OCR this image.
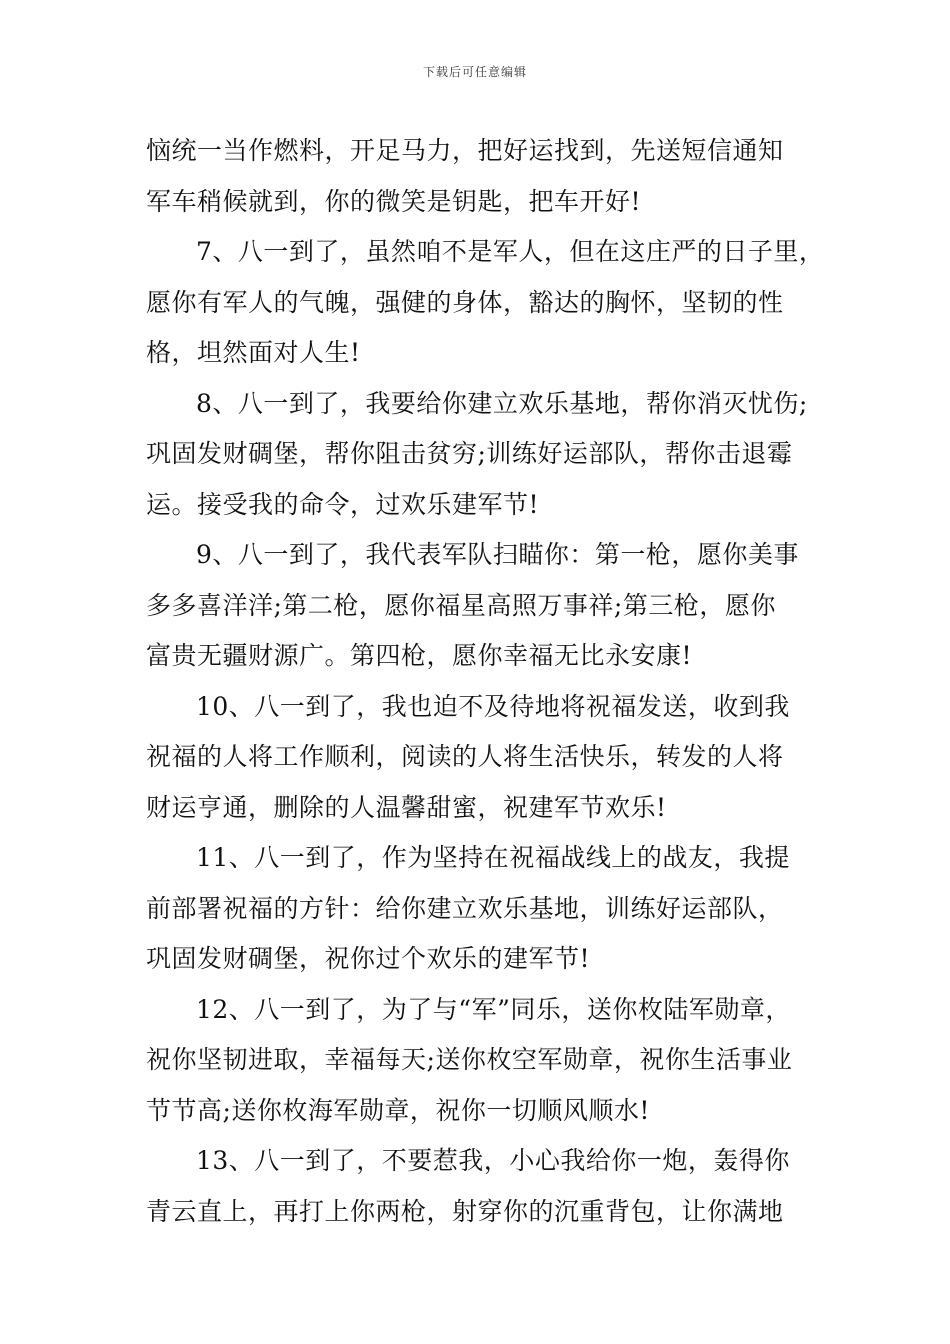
下载后可任意编辑

恼统一当作燃料，开足马力，把好运找到，先送短信通知
军车稍候就到，你的微笑是钥匙，把车开好!

7、八一到了，虽然咱不是军人，但在这庄严的日子里，
愿你有军人的气魄，强健的身体，豁达的胸怀，坚韧的性
格，坦然面对人生!

8、八一到了，我要给你建立欢乐基地，帮你消灭忧伤;
巩固发财碉堡，帮你阻击贫穷;训练好运部队，帮你击退霉
运。接受我的命令，过欢乐建军节!

9、八一到了，我代表军队扫瞄你：第一枪，愿你美事
多多喜洋洋;第二枪，愿你福星高照万事祥;第三枪，愿你
富贵无疆财源广。第四枪，愿你幸福无比永安康!

10、八一到了，我也迫不及待地将祝福发送，收到我
祝福的人将工作顺利，阅读的人将生活快乐，转发的人将
财运亨通，删除的人温馨甜蜜，祝建军节欢乐!

11、八一到了，作为坚持在祝福战线上的战友，我提
前部署祝福的方针：给你建立欢乐基地，训练好运部队，
巩固发财碉堡，祝你过个欢乐的建军节!

12、八一到了，为了与“军”同乐，送你枚陆军勋章，
祝你坚韧进取，幸福每天;送你枚空军勋章，祝你生活事业
节节高;送你枚海军勋章，祝你一切顺风顺水!

13、八一到了，不要惹我，小心我给你一炮，轰得你
青云直上，再打上你两枪，射穿你的沉重背包，让你满地
